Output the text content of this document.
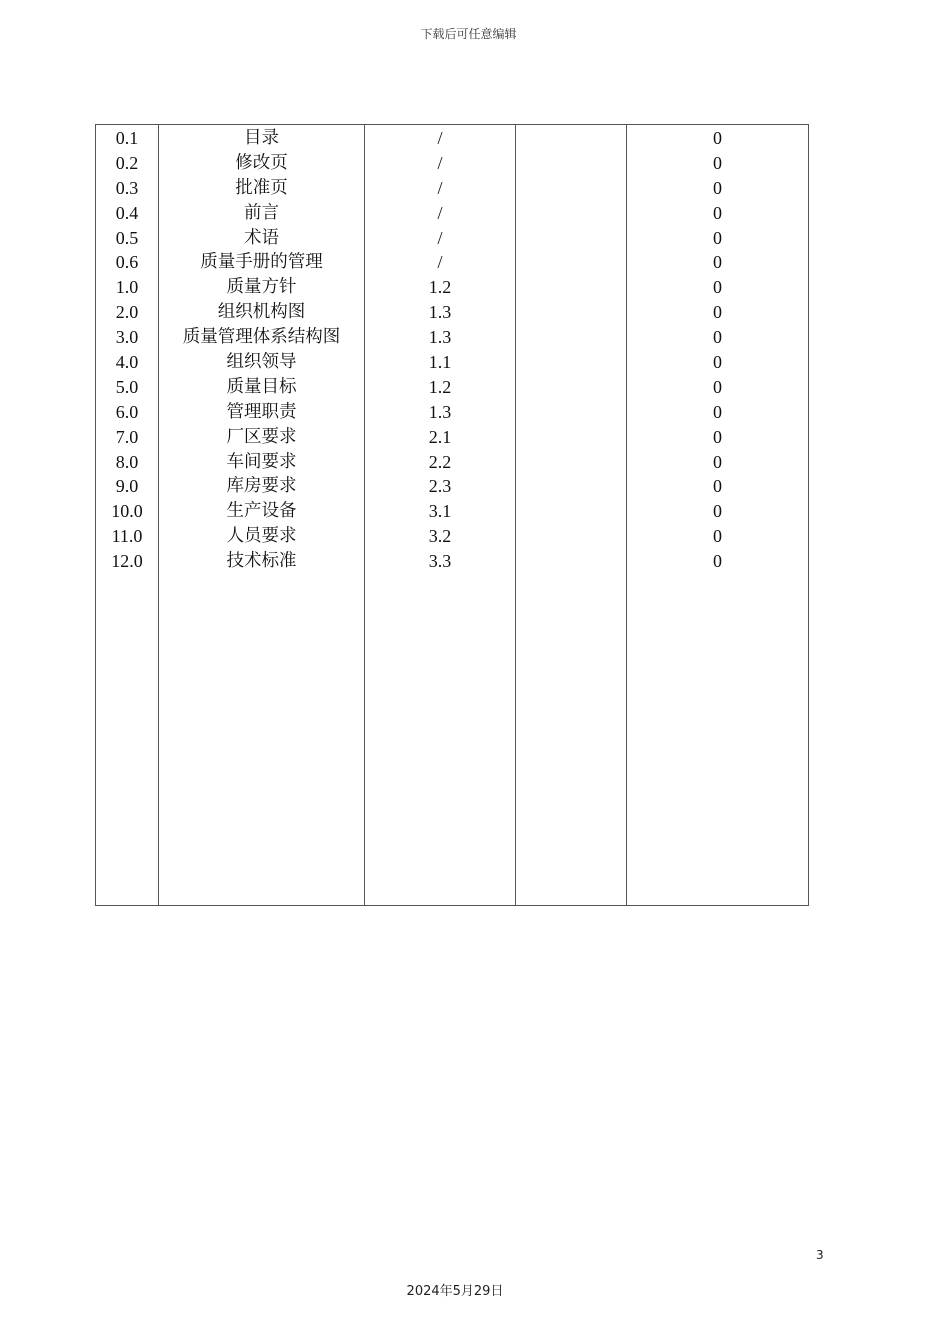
下载后可任意编辑
0.1
0.2
0.3
0.4
0.5
0.6
1.0
2.0
3.0
4.0
5.0
6.0
7.0
8.0
9.0
10.0
11.0
12.0
目录
修改页
批准页
前言
术语
质量手册的管理
质量方针
组织机构图
质量管理体系结构图
组织领导
质量目标
管理职责
厂区要求
车间要求
库房要求
生产设备
人员要求
技术标准
/
/
/
/
/
/
1.2
1.3
1.3
1.1
1.2
1.3
2.1
2.2
2.3
3.1
3.2
3.3
0
0
0
0
0
0
0
0
0
0
0
0
0
0
0
0
0
0
3
2024年5月29日
